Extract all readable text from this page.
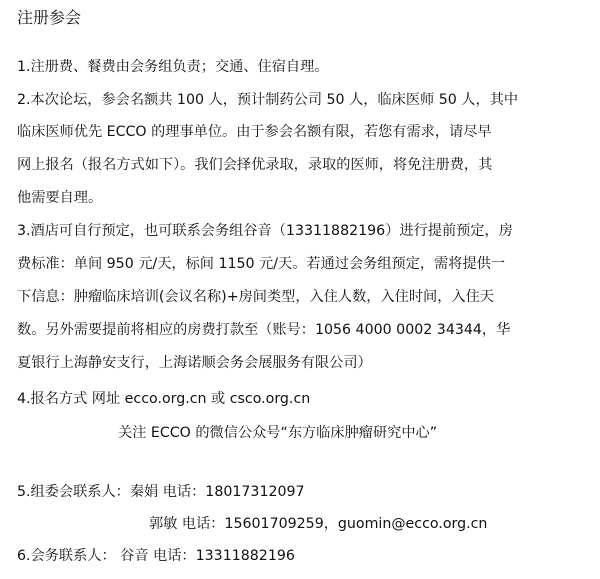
注册参会
1.注册费、餐费由会务组负责；交通、住宿自理。
2.本次论坛，参会名额共 100 人，预计制药公司 50 人，临床医师 50 人，其中
临床医师优先 ECCO 的理事单位。由于参会名额有限，若您有需求，请尽早
网上报名（报名方式如下）。我们会择优录取，录取的医师，将免注册费，其
他需要自理。
3.酒店可自行预定，也可联系会务组谷音（13311882196）进行提前预定，房
费标准：单间 950 元/天，标间 1150 元/天。若通过会务组预定，需将提供一
下信息：肿瘤临床培训(会议名称)+房间类型，入住人数，入住时间，入住天
数。另外需要提前将相应的房费打款至（账号：1056 4000 0002 34344，华
夏银行上海静安支行，上海诺顺会务会展服务有限公司）
4.报名方式 网址 ecco.org.cn 或 csco.org.cn
关注 ECCO 的微信公众号“东方临床肿瘤研究中心”
5.组委会联系人：秦娟 电话：18017312097
郭敏 电话：15601709259，guomin@ecco.org.cn
6.会务联系人： 谷音 电话：13311882196
